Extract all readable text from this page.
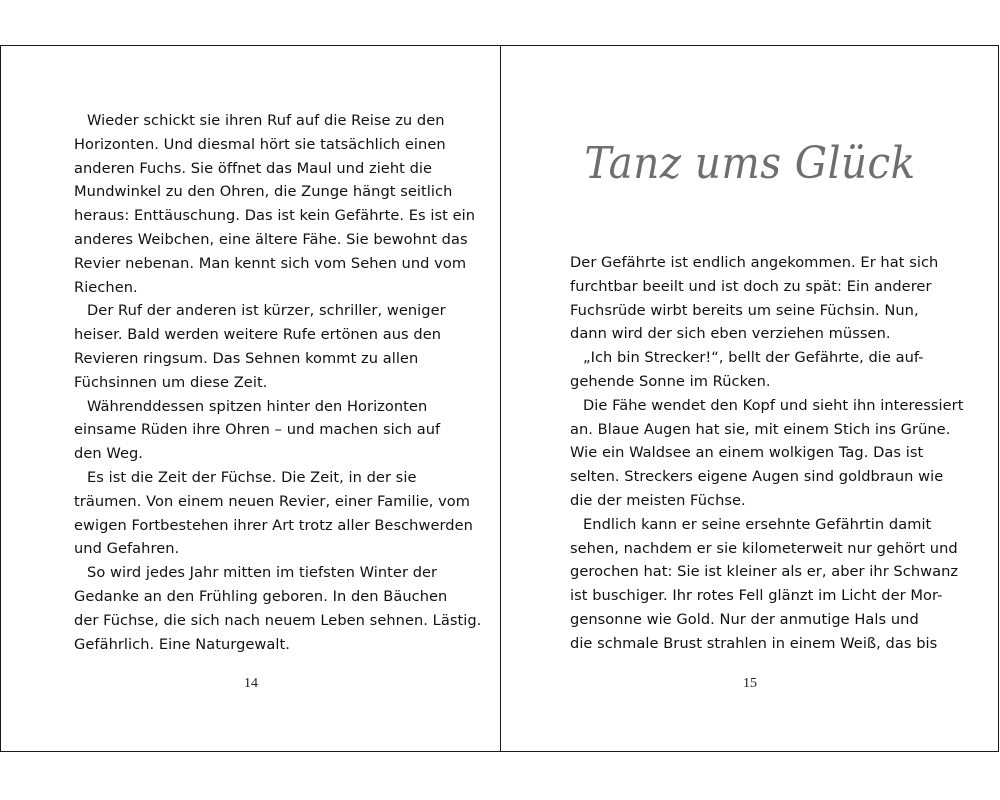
14
Tanz ums Glück
15
Wieder schickt sie ihren Ruf auf die Reise zu den
Horizonten. Und diesmal hört sie tatsächlich einen
anderen Fuchs. Sie öffnet das Maul und zieht die
Mundwinkel zu den Ohren, die Zunge hängt seitlich
heraus: Enttäuschung. Das ist kein Gefährte. Es ist ein
anderes Weibchen, eine ältere Fähe. Sie bewohnt das
Revier nebenan. Man kennt sich vom Sehen und vom
Riechen.
Der Ruf der anderen ist kürzer, schriller, weniger
heiser. Bald werden weitere Rufe ertönen aus den
Revieren ringsum. Das Sehnen kommt zu allen
Füchsinnen um diese Zeit.
Währenddessen spitzen hinter den Horizonten
einsame Rüden ihre Ohren – und machen sich auf
den Weg.
Es ist die Zeit der Füchse. Die Zeit, in der sie
träumen. Von einem neuen Revier, einer Familie, vom
ewigen Fortbestehen ihrer Art trotz aller Beschwerden
und Gefahren.
So wird jedes Jahr mitten im tiefsten Winter der
Gedanke an den Frühling geboren. In den Bäuchen
der Füchse, die sich nach neuem Leben sehnen. Lästig.
Gefährlich. Eine Naturgewalt.
Der Gefährte ist endlich angekommen. Er hat sich
furchtbar beeilt und ist doch zu spät: Ein anderer
Fuchsrüde wirbt bereits um seine Füchsin. Nun,
dann wird der sich eben verziehen müssen.
„Ich bin Strecker!“, bellt der Gefährte, die auf-
gehende Sonne im Rücken.
Die Fähe wendet den Kopf und sieht ihn interessiert
an. Blaue Augen hat sie, mit einem Stich ins Grüne.
Wie ein Waldsee an einem wolkigen Tag. Das ist
selten. Streckers eigene Augen sind goldbraun wie
die der meisten Füchse.
Endlich kann er seine ersehnte Gefährtin damit
sehen, nachdem er sie kilometerweit nur gehört und
gerochen hat: Sie ist kleiner als er, aber ihr Schwanz
ist buschiger. Ihr rotes Fell glänzt im Licht der Mor-
gensonne wie Gold. Nur der anmutige Hals und
die schmale Brust strahlen in einem Weiß, das bis
